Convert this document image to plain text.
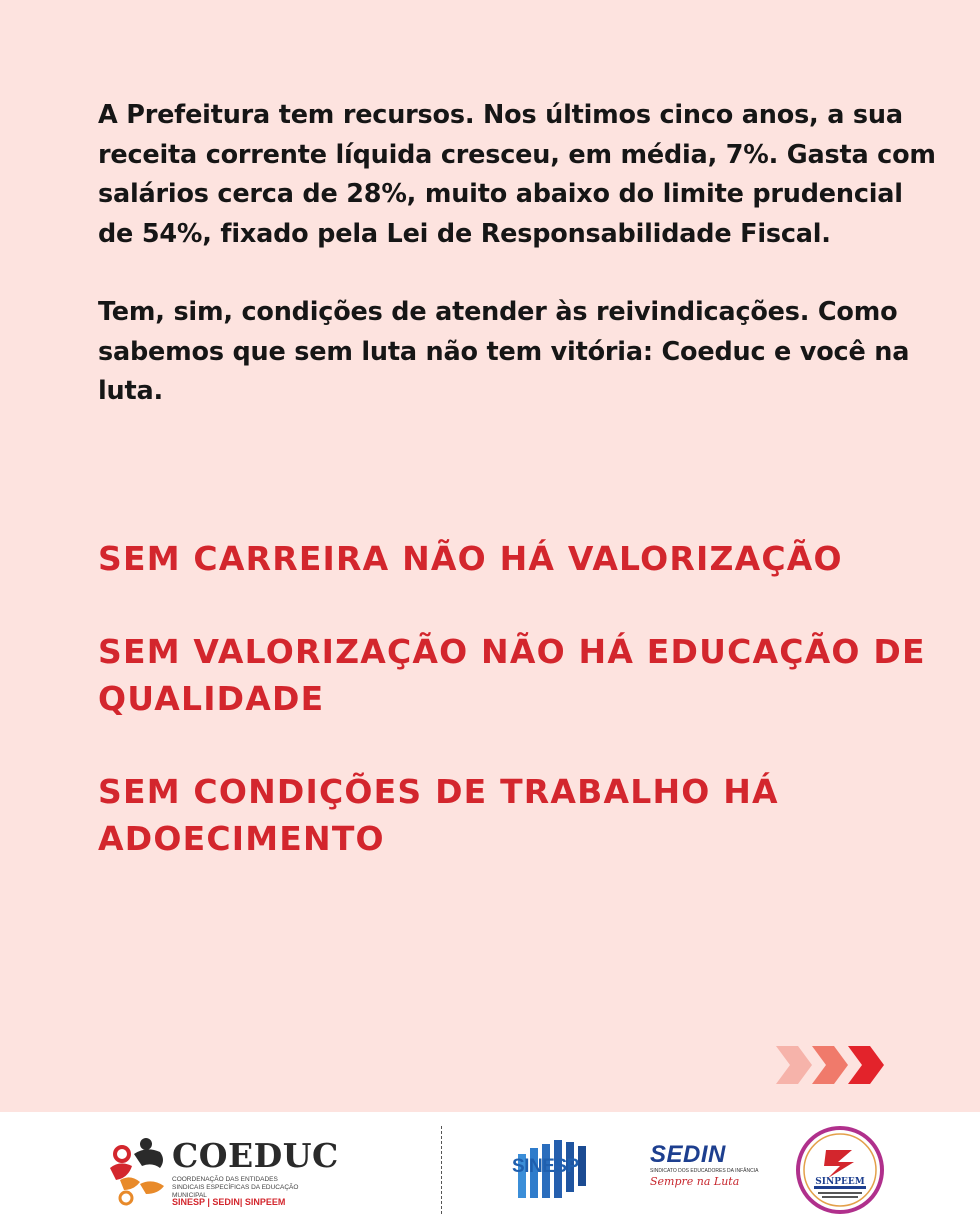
A Prefeitura tem recursos. Nos últimos cinco anos, a sua receita corrente líquida cresceu, em média, 7%. Gasta com salários cerca de 28%, muito abaixo do limite prudencial de 54%, fixado pela Lei de Responsabilidade Fiscal.

Tem, sim, condições de atender às reivindicações. Como sabemos que sem luta não tem vitória: Coeduc e você na luta.

SEM CARREIRA NÃO HÁ VALORIZAÇÃO

SEM VALORIZAÇÃO NÃO HÁ EDUCAÇÃO DE QUALIDADE

SEM CONDIÇÕES DE TRABALHO HÁ ADOECIMENTO

COEDUC
COORDENAÇÃO DAS ENTIDADES SINDICAIS ESPECÍFICAS DA EDUCAÇÃO MUNICIPAL
SINESP | SEDIN| SINPEEM
SINESP	SEDIN
SINDICATO DOS EDUCADORES DA INFÂNCIA
Sempre na Luta	SINPEEM
